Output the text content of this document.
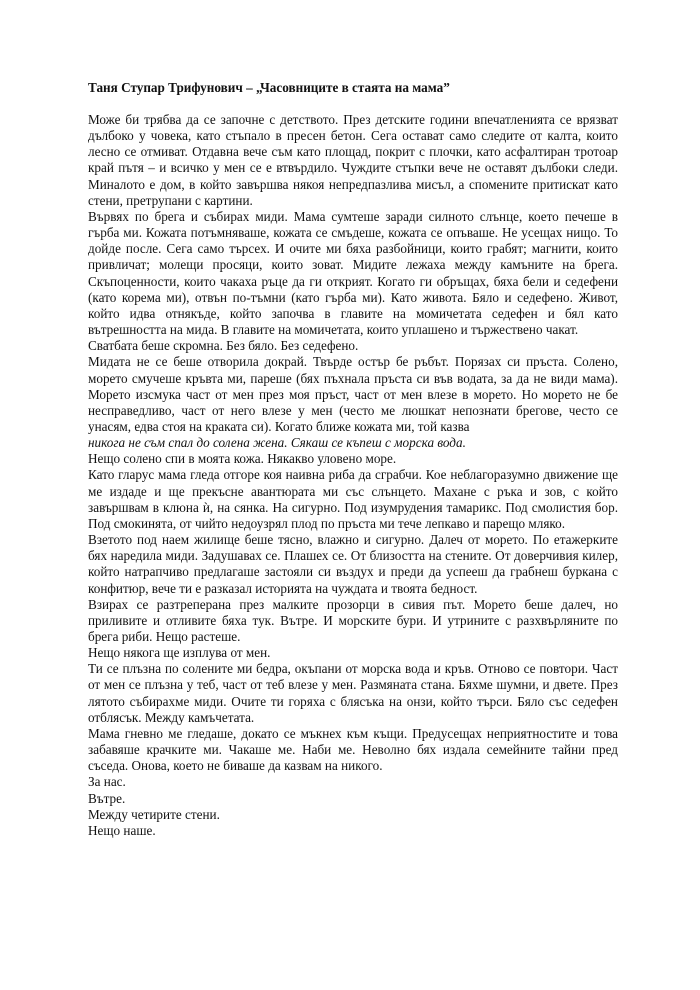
Таня Ступар Трифунович – „Часовниците в стаята на мама”

Може би трябва да се започне с детството. През детските години впечатленията се врязват дълбоко у човека, като стъпало в пресен бетон. Сега остават само следите от калта, които лесно се отмиват. Отдавна вече съм като площад, покрит с плочки, като асфалтиран тротоар край пътя – и всичко у мен се е втвърдило. Чуждите стъпки вече не оставят дълбоки следи. Миналото е дом, в който завършва някоя непредпазлива мисъл, а спомените притискат като стени, претрупани с картини.

Вървях по брега и събирах миди. Мама сумтеше заради силното слънце, което печеше в гърба ми. Кожата потъмняваше, кожата се смъдеше, кожата се опъваше. Не усещах нищо. То дойде после. Сега само търсех. И очите ми бяха разбойници, които грабят; магнити, които привличат; молещи просяци, които зоват. Мидите лежаха между камъните на брега. Скъпоценности, които чакаха ръце да ги открият. Когато ги обръщах, бяха бели и седефени (като корема ми), отвън по-тъмни (като гърба ми). Като живота. Бяло и седефено. Живот, който идва отнякъде, който започва в главите на момичетата седефен и бял като вътрешността на мида. В главите на момичетата, които уплашено и тържествено чакат.

Сватбата беше скромна. Без бяло. Без седефено.

Мидата не се беше отворила докрай. Твърде остър бе ръбът. Порязах си пръста. Солено, морето смучеше кръвта ми, пареше (бях пъхнала пръста си във водата, за да не види мама). Морето изсмука част от мен през моя пръст, част от мен влезе в морето. Но морето не бе несправедливо, част от него влезе у мен (често ме люшкат непознати брегове, често се унасям, едва стоя на краката си). Когато ближе кожата ми, той казва

никога не съм спал до солена жена. Сякаш се къпеш с морска вода.

Нещо солено спи в моята кожа. Някакво уловено море.

Като гларус мама гледа отгоре коя наивна риба да сграбчи. Кое неблагоразумно движение ще ме издаде и ще прекъсне авантюрата ми със слънцето. Махане с ръка и зов, с който завършвам в клюна ѝ, на сянка. На сигурно. Под изумрудения тамарикс. Под смолистия бор. Под смокинята, от чийто недоузрял плод по пръста ми тече лепкаво и парещо мляко.

Взетото под наем жилище беше тясно, влажно и сигурно. Далеч от морето. По етажерките бях наредила миди. Задушавах се. Плашех се. От близостта на стените. От доверчивия килер, който натрапчиво предлагаше застояли си въздух и преди да успееш да грабнеш буркана с конфитюр, вече ти е разказал историята на чуждата и твоята бедност.

Взирах се разтреперана през малките прозорци в сивия път. Морето беше далеч, но приливите и отливите бяха тук. Вътре. И морските бури. И утрините с разхвърляните по брега риби. Нещо растеше.

Нещо някога ще изплува от мен.

Ти се плъзна по солените ми бедра, окъпани от морска вода и кръв. Отново се повтори. Част от мен се плъзна у теб, част от теб влезе у мен. Размяната стана. Бяхме шумни, и двете. През лятото събирахме миди. Очите ти горяха с блясъка на онзи, който търси. Бяло със седефен отблясък. Между камъчетата.

Мама гневно ме гледаше, докато се мъкнех към къщи. Предусещах неприятностите и това забавяше крачките ми. Чакаше ме. Наби ме. Неволно бях издала семейните тайни пред съседа. Онова, което не биваше да казвам на никого.

За нас.

Вътре.

Между четирите стени.

Нещо наше.
